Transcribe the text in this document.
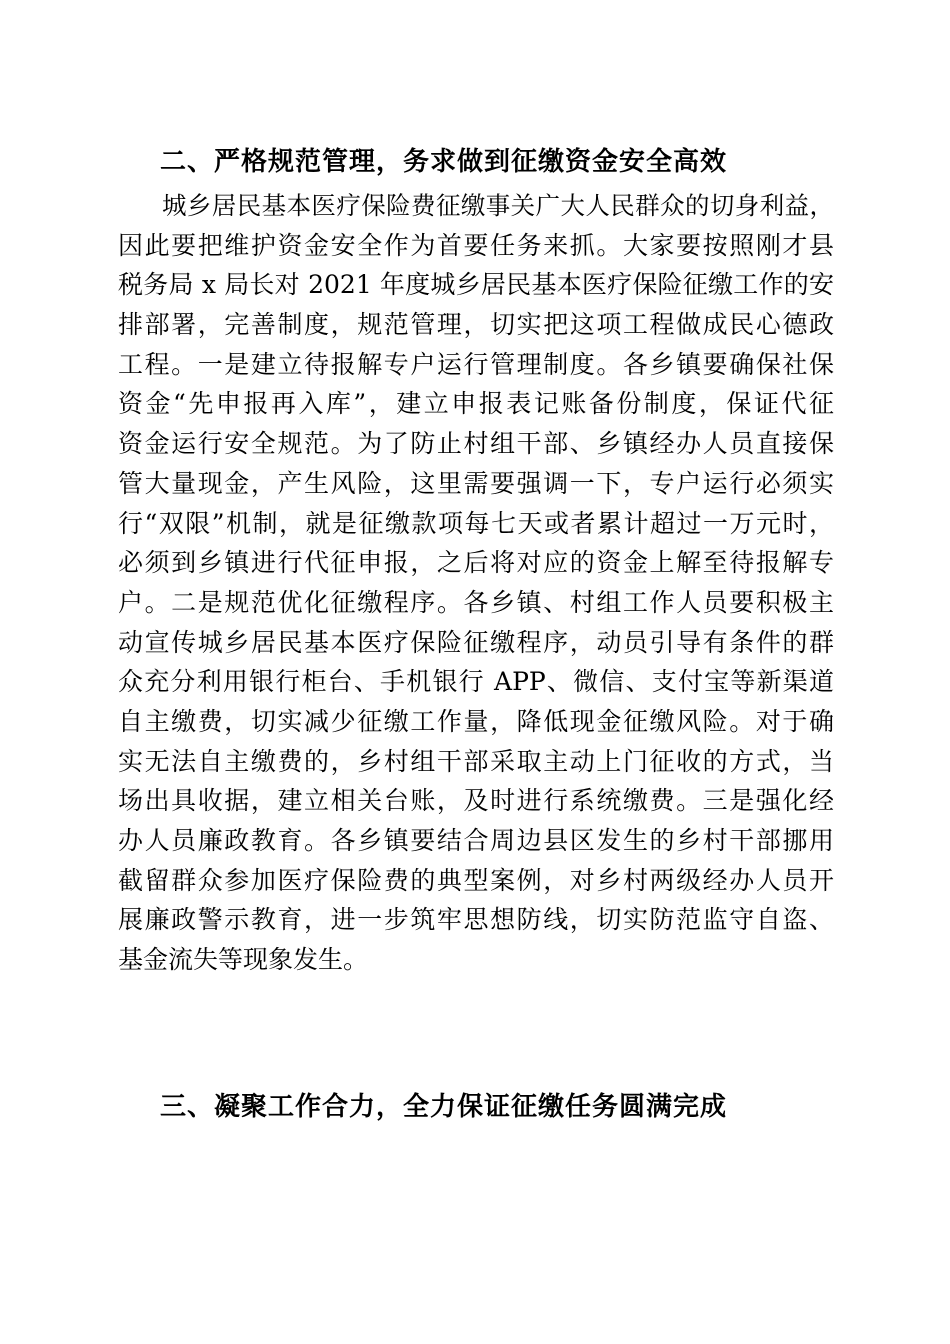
二、严格规范管理，务求做到征缴资金安全高效
城乡居民基本医疗保险费征缴事关广大人民群众的切身利益，
因此要把维护资金安全作为首要任务来抓。大家要按照刚才县
税务局 x 局长对 2021 年度城乡居民基本医疗保险征缴工作的安
排部署，完善制度，规范管理，切实把这项工程做成民心德政
工程。一是建立待报解专户运行管理制度。各乡镇要确保社保
资金“先申报再入库”，建立申报表记账备份制度，保证代征
资金运行安全规范。为了防止村组干部、乡镇经办人员直接保
管大量现金，产生风险，这里需要强调一下，专户运行必须实
行“双限”机制，就是征缴款项每七天或者累计超过一万元时，
必须到乡镇进行代征申报，之后将对应的资金上解至待报解专
户。二是规范优化征缴程序。各乡镇、村组工作人员要积极主
动宣传城乡居民基本医疗保险征缴程序，动员引导有条件的群
众充分利用银行柜台、手机银行 APP、微信、支付宝等新渠道
自主缴费，切实减少征缴工作量，降低现金征缴风险。对于确
实无法自主缴费的，乡村组干部采取主动上门征收的方式，当
场出具收据，建立相关台账，及时进行系统缴费。三是强化经
办人员廉政教育。各乡镇要结合周边县区发生的乡村干部挪用
截留群众参加医疗保险费的典型案例，对乡村两级经办人员开
展廉政警示教育，进一步筑牢思想防线，切实防范监守自盗、
基金流失等现象发生。
三、凝聚工作合力，全力保证征缴任务圆满完成
